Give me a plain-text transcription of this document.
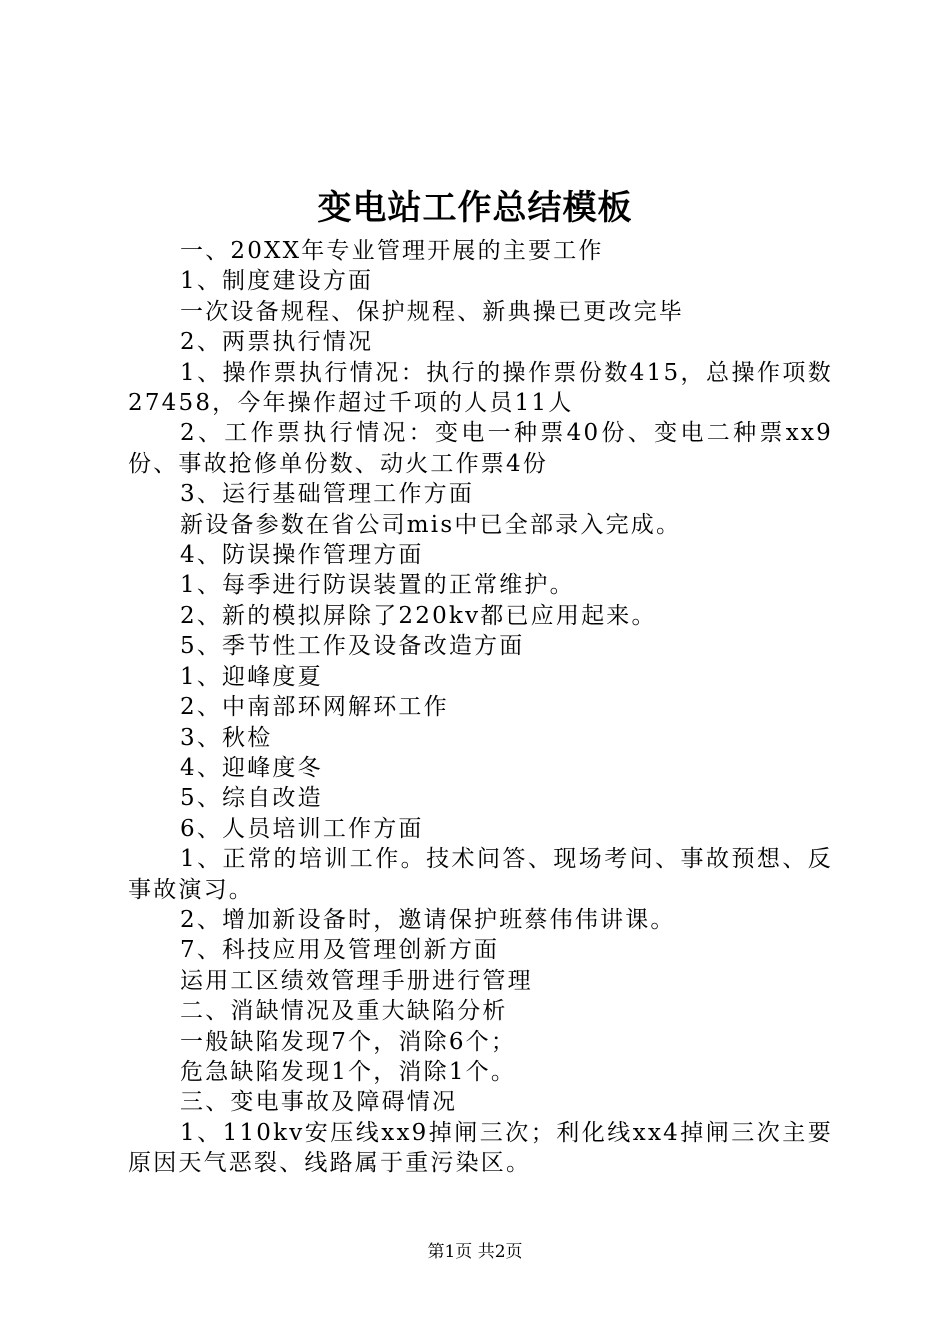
变电站工作总结模板

一、20XX年专业管理开展的主要工作

1、制度建设方面

一次设备规程、保护规程、新典操已更改完毕

2、两票执行情况

1、操作票执行情况：执行的操作票份数415，总操作项数27458，今年操作超过千项的人员11人

2、工作票执行情况：变电一种票40份、变电二种票xx9份、事故抢修单份数、动火工作票4份

3、运行基础管理工作方面

新设备参数在省公司mis中已全部录入完成。

4、防误操作管理方面

1、每季进行防误装置的正常维护。

2、新的模拟屏除了220kv都已应用起来。

5、季节性工作及设备改造方面

1、迎峰度夏

2、中南部环网解环工作

3、秋检

4、迎峰度冬

5、综自改造

6、人员培训工作方面

1、正常的培训工作。技术问答、现场考问、事故预想、反事故演习。

2、增加新设备时，邀请保护班蔡伟伟讲课。

7、科技应用及管理创新方面

运用工区绩效管理手册进行管理

二、消缺情况及重大缺陷分析

一般缺陷发现7个，消除6个；

危急缺陷发现1个，消除1个。

三、变电事故及障碍情况

1、110kv安压线xx9掉闸三次；利化线xx4掉闸三次主要原因天气恶裂、线路属于重污染区。

第1页 共2页
